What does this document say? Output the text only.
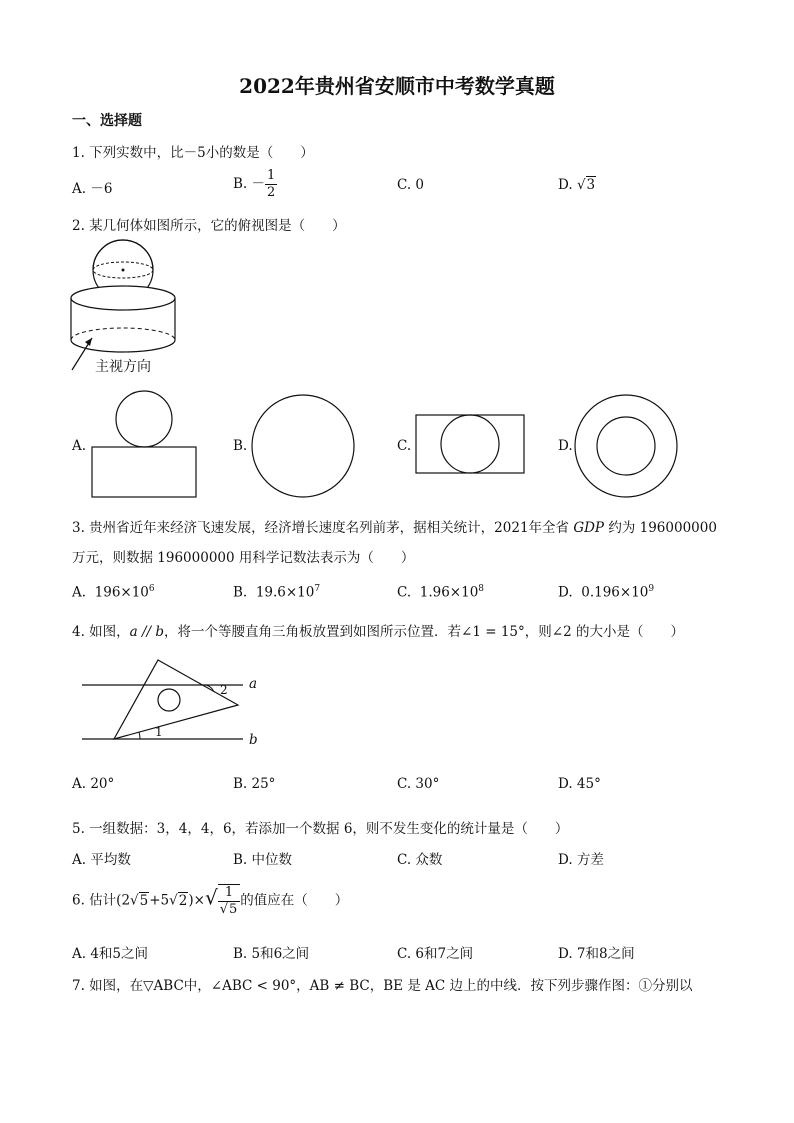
2022年贵州省安顺市中考数学真题
一、选择题
1. 下列实数中，比－5小的数是（　　）
A. －6	B. － $\frac{1}{2}$	C. 0	D. √3
2. 某几何体如图所示，它的俯视图是（　　）
主视方向
A.	B.	C.	D.
3. 贵州省近年来经济飞速发展，经济增长速度名列前茅，据相关统计，2021年全省 GDP 约为 196000000
万元，则数据 196000000 用科学记数法表示为（　　）
A. $196\times 10^6$	B. $19.6\times 10^7$	C. $1.96\times 10^8$	D. $0.196\times 10^9$
4. 如图，a // b，将一个等腰直角三角板放置到如图所示位置．若∠1 = 15°，则∠2 的大小是（　　）
a
b
1
2
A. 20°	B. 25°	C. 30°	D. 45°
5. 一组数据：3，4，4，6，若添加一个数据 6，则不发生变化的统计量是（　　）
A. 平均数	B. 中位数	C. 众数	D. 方差
6. 估计$(2√5+5√2)\times√ \frac{1}{√5}$ 的值应在（　　）
A. 4和5之间	B. 5和6之间	C. 6和7之间	D. 7和8之间
7. 如图，在▽ABC中，∠ABC < 90°，AB ≠ BC，BE 是 AC 边上的中线．按下列步骤作图：①分别以
